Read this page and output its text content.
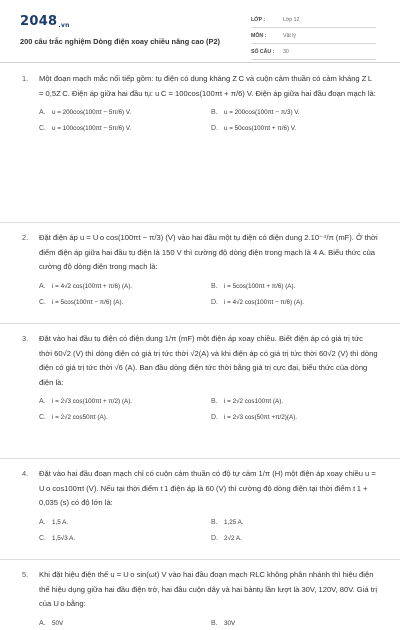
2048.vn
200 câu trắc nghiệm Dòng điện xoay chiều nâng cao (P2)
LỚP :	Lớp 12
MÔN :	Vật lý
SỐ CÂU :	30
1. Một đoạn mạch mắc nối tiếp gồm: tụ điện có dung kháng Z C và cuộn cảm thuần có cảm kháng Z L = 0,5Z C. Điện áp giữa hai đầu tụ: u C = 100cos(100πt + π/6) V. Điện áp giữa hai đầu đoạn mạch là:
A.	u = 200cos(100πt − 5π/6) V.	B.	u = 200cos(100πt − π/3) V.
C. u = 100cos(100πt − 5π/6) V.	D. u = 50cos(100πt + π/6) V.
2. Đặt điện áp u = U o cos(100πt − π/3) (V) vào hai đầu một tụ điện có điện dung 2.10⁻⁴/π (mF). Ở thời điểm điện áp giữa hai đầu tụ điện là 150 V thì cường độ dòng điện trong mạch là 4 A. Biểu thức của cường độ dòng điện trong mạch là:
A.	i = 4√2 cos(100πt + π/6) (A).	B.	i = 5cos(100πt + π/6) (A).
C. i = 5cos(100πt − π/6) (A).	D. i = 4√2 cos(100πt − π/6) (A).
3. Đặt vào hai đầu tụ điện có điện dung 1/π (mF) một điện áp xoay chiều. Biết điện áp có giá trị tức thời 60√2 (V) thì dòng điện có giá trị tức thời √2(A) và khi điện áp có giá trị tức thời 60√2 (V) thì dòng điện có giá trị tức thời √6 (A). Ban đầu dòng điện tức thời bằng giá trị cực đại, biểu thức của dòng điện là:
A.	i = 2√3 cos(100πt + π/2) (A).	B.	i = 2√2 cos100πt (A).
C. i = 2√2 cos50πt (A).	D. i = 2√3 cos(50πt +π/2)(A).
4. Đặt vào hai đầu đoạn mạch chỉ có cuộn cảm thuần có độ tự cảm 1/π (H) một điện áp xoay chiều u = U o cos100πt (V). Nếu tại thời điểm t 1 điện áp là 60 (V) thì cường độ dòng điện tại thời điểm t 1 + 0,035 (s) có độ lớn là:
A.	1,5 A.	B.	1,25 A.
C. 1,5√3 A.	D. 2√2 A.
5. Khi đặt hiệu điện thế u = U o sin(ωt) V vào hai đầu đoạn mạch RLC không phân nhánh thì hiệu điện thế hiệu dụng giữa hai đầu điện trở, hai đầu cuộn dây và hai bảntụ lần lượt là 30V, 120V, 80V. Giá trị của U o bằng:
A.	50V	B.	30V
